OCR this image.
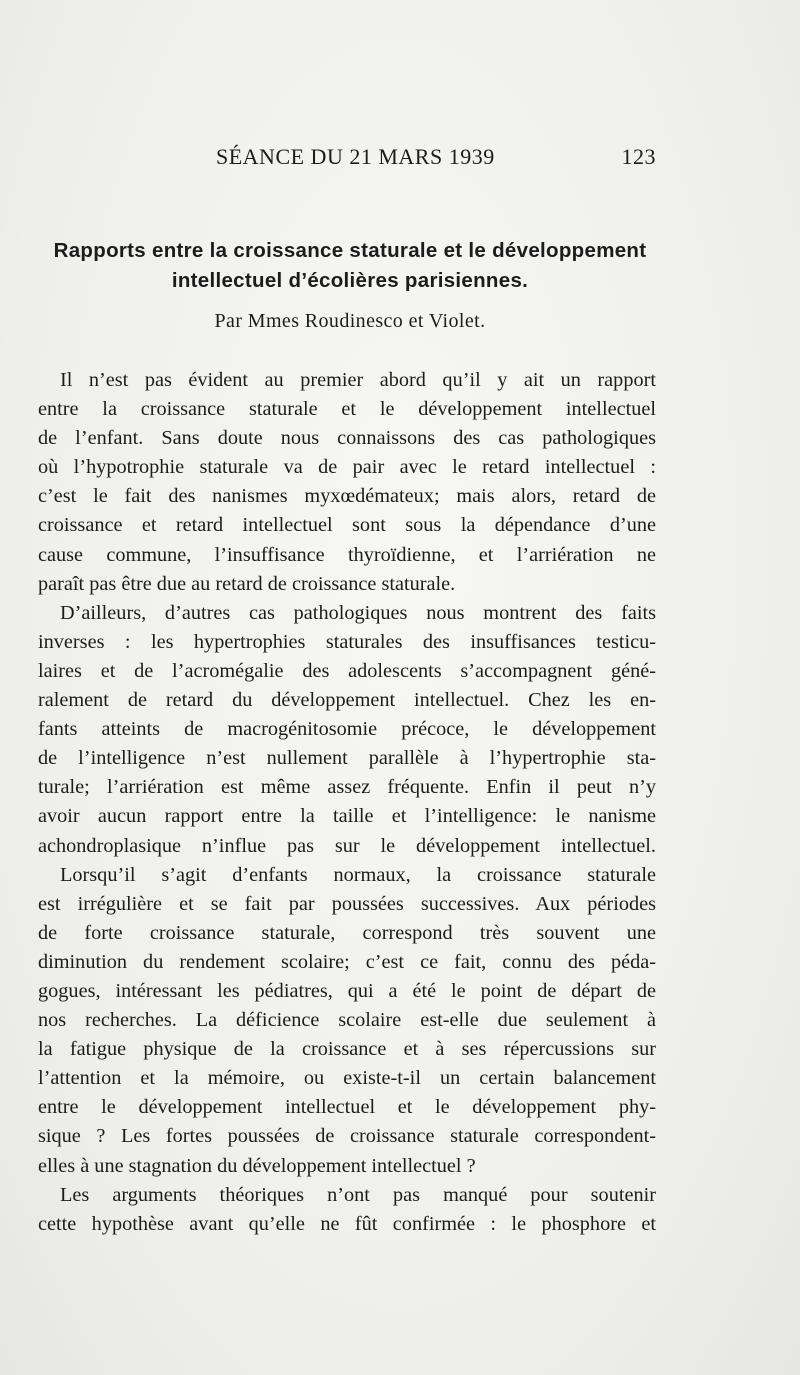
SÉANCE DU 21 MARS 1939	123
Rapports entre la croissance staturale et le développement
intellectuel d’écolières parisiennes.
Par Mmes Roudinesco et Violet.
Il n’est pas évident au premier abord qu’il y ait un rapport
entre la croissance staturale et le développement intellectuel
de l’enfant. Sans doute nous connaissons des cas pathologiques
où l’hypotrophie staturale va de pair avec le retard intellectuel :
c’est le fait des nanismes myxœdémateux; mais alors, retard de
croissance et retard intellectuel sont sous la dépendance d’une
cause commune, l’insuffisance thyroïdienne, et l’arriération ne
paraît pas être due au retard de croissance staturale.
D’ailleurs, d’autres cas pathologiques nous montrent des faits
inverses : les hypertrophies staturales des insuffisances testicu-
laires et de l’acromégalie des adolescents s’accompagnent géné-
ralement de retard du développement intellectuel. Chez les en-
fants atteints de macrogénitosomie précoce, le développement
de l’intelligence n’est nullement parallèle à l’hypertrophie sta-
turale; l’arriération est même assez fréquente. Enfin il peut n’y
avoir aucun rapport entre la taille et l’intelligence: le nanisme
achondroplasique n’influe pas sur le développement intellectuel.
Lorsqu’il s’agit d’enfants normaux, la croissance staturale
est irrégulière et se fait par poussées successives. Aux périodes
de forte croissance staturale, correspond très souvent une
diminution du rendement scolaire; c’est ce fait, connu des péda-
gogues, intéressant les pédiatres, qui a été le point de départ de
nos recherches. La déficience scolaire est-elle due seulement à
la fatigue physique de la croissance et à ses répercussions sur
l’attention et la mémoire, ou existe-t-il un certain balancement
entre le développement intellectuel et le développement phy-
sique ? Les fortes poussées de croissance staturale correspondent-
elles à une stagnation du développement intellectuel ?
Les arguments théoriques n’ont pas manqué pour soutenir
cette hypothèse avant qu’elle ne fût confirmée : le phosphore et
